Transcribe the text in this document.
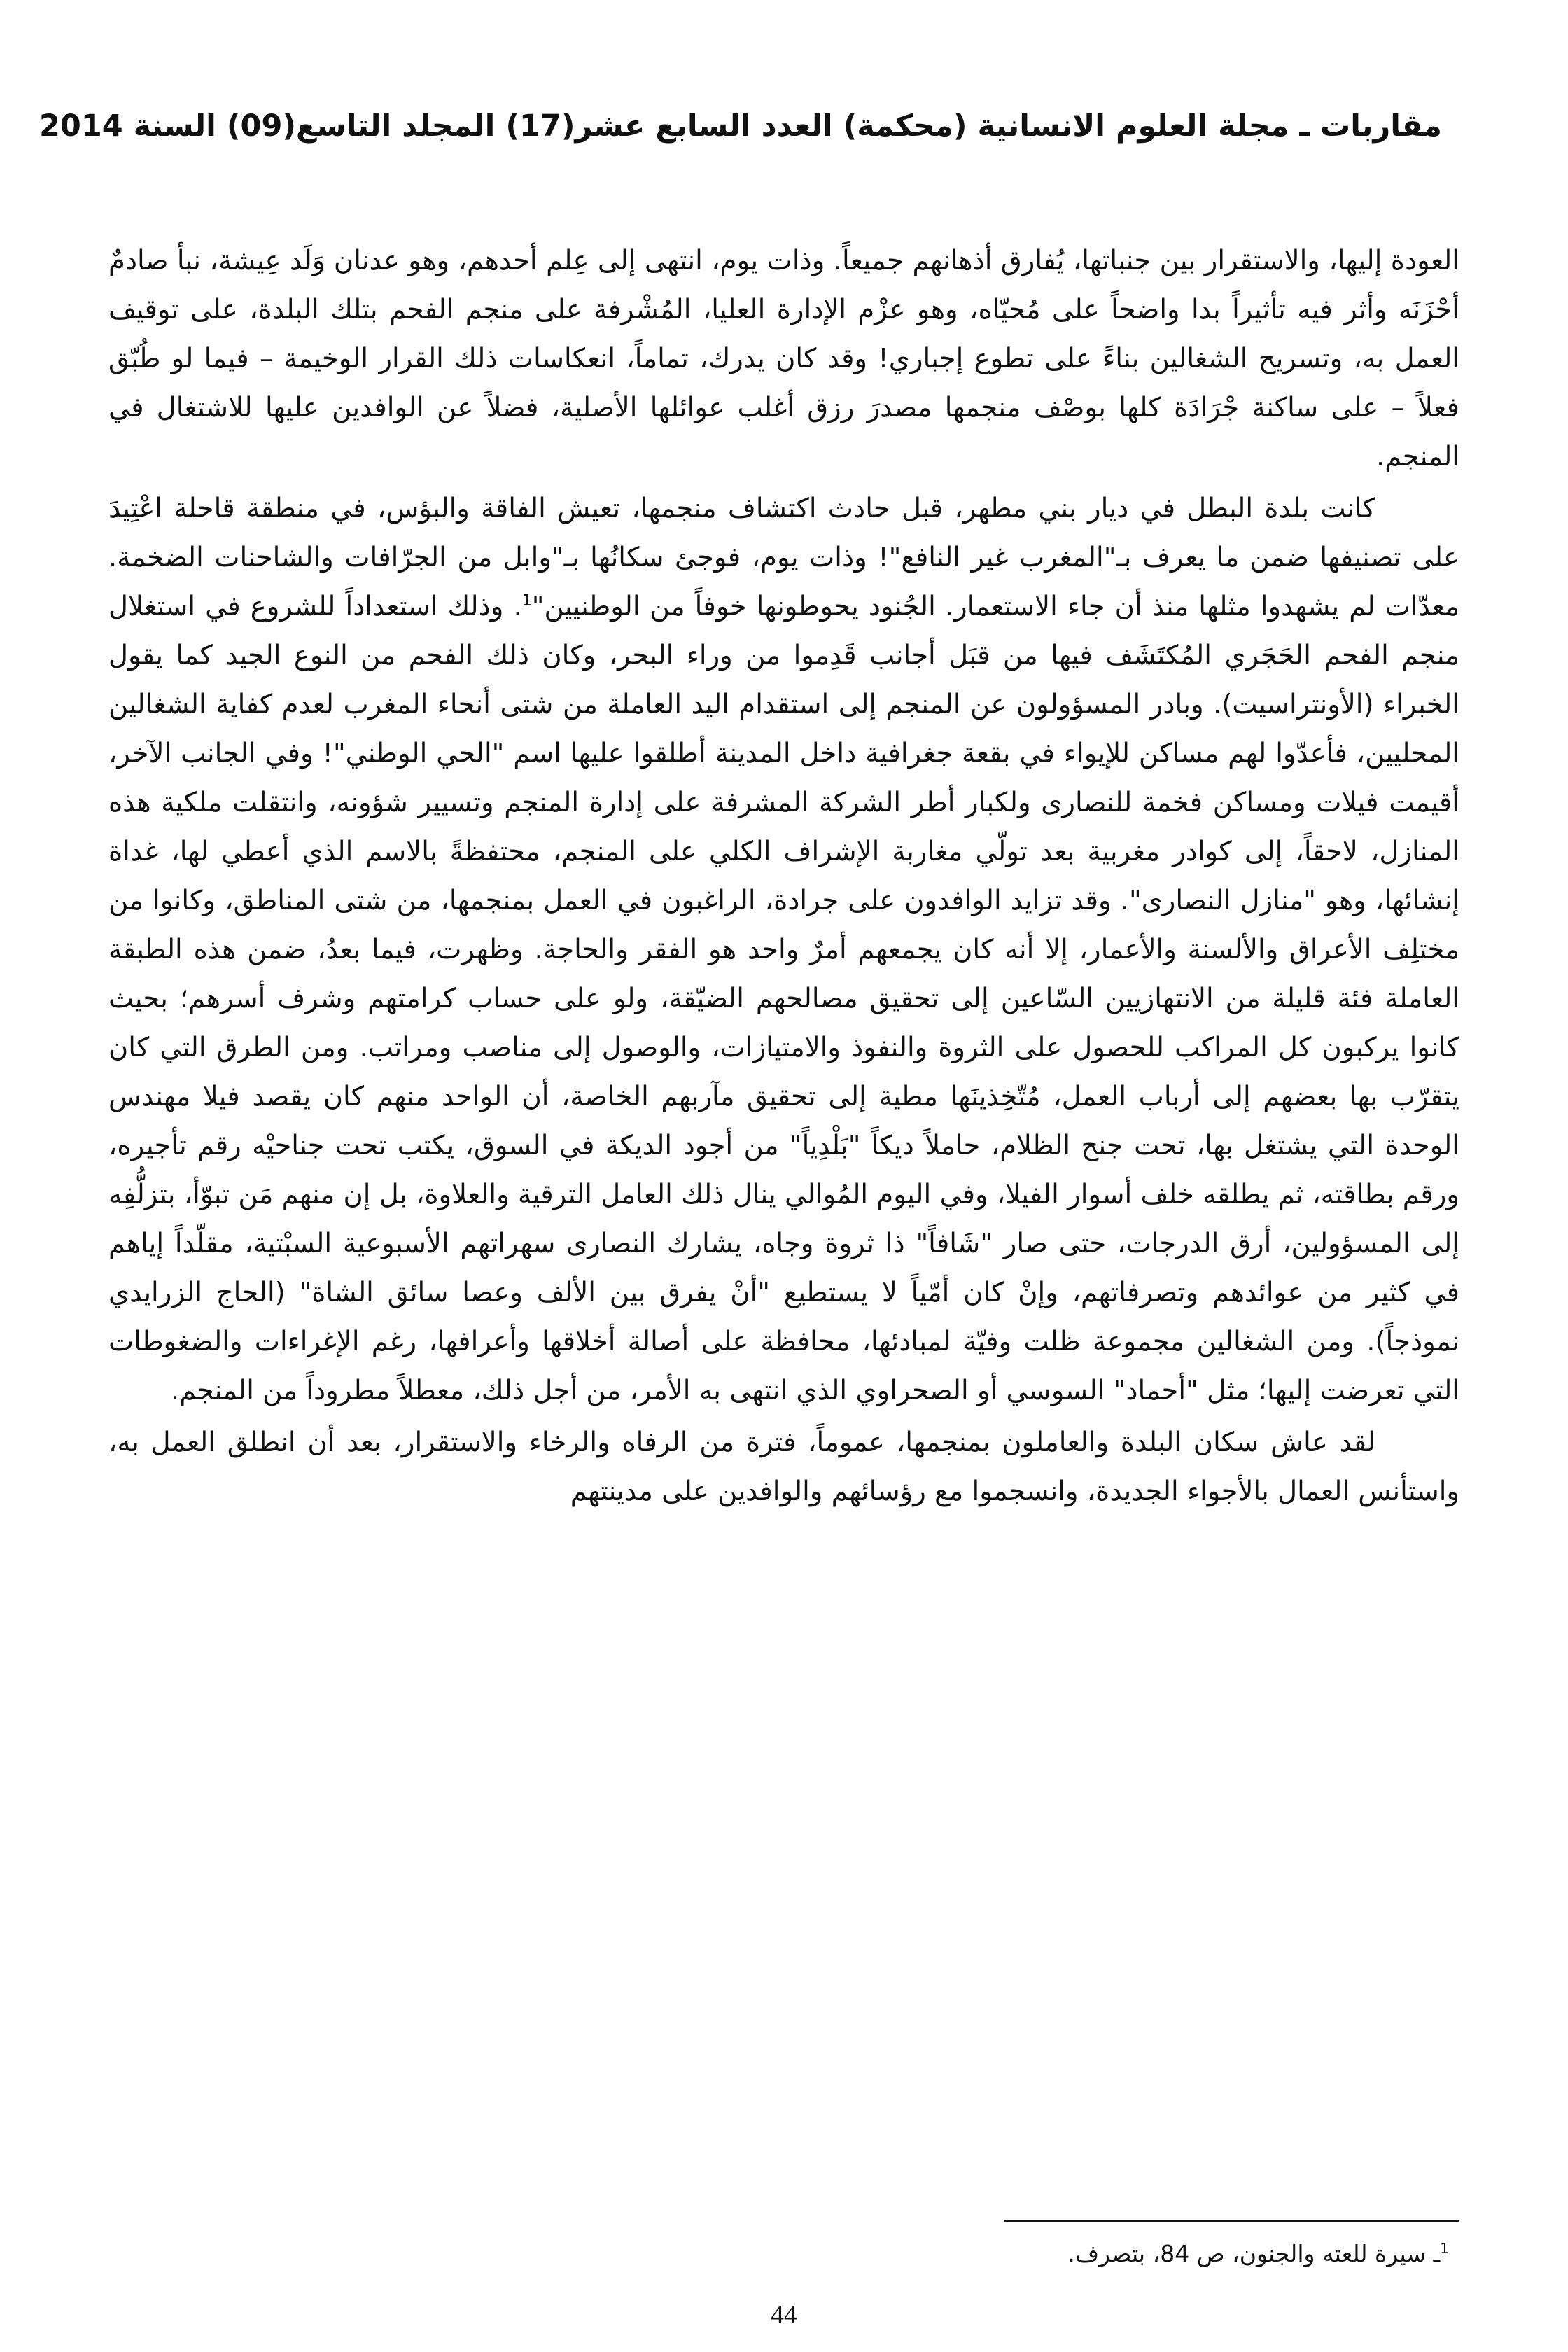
مقاربات ـ مجلة العلوم الانسانية (محكمة) العدد السابع عشر(17) المجلد التاسع(09) السنة 2014

العودة إليها، والاستقرار بين جنباتها، يُفارق أذهانهم جميعاً. وذات يوم، انتهى إلى عِلم أحدهم، وهو عدنان وَلَد عِيشة، نبأ صادمٌ أحْزَنَه وأثر فيه تأثيراً بدا واضحاً على مُحيّاه، وهو عزْم الإدارة العليا، المُشْرفة على منجم الفحم بتلك البلدة، على توقيف العمل به، وتسريح الشغالين بناءً على تطوع إجباري! وقد كان يدرك، تماماً، انعكاسات ذلك القرار الوخيمة – فيما لو طُبّق فعلاً – على ساكنة جْرَادَة كلها بوصْف منجمها مصدرَ رزق أغلب عوائلها الأصلية، فضلاً عن الوافدين عليها للاشتغال في المنجم.

كانت بلدة البطل في ديار بني مطهر، قبل حادث اكتشاف منجمها، تعيش الفاقة والبؤس، في منطقة قاحلة اعْتِيدَ على تصنيفها ضمن ما يعرف بـ"المغرب غير النافع"! وذات يوم، فوجئ سكانُها بـ"وابل من الجرّافات والشاحنات الضخمة. معدّات لم يشهدوا مثلها منذ أن جاء الاستعمار. الجُنود يحوطونها خوفاً من الوطنيين"$^1$. وذلك استعداداً للشروع في استغلال منجم الفحم الحَجَري المُكتَشَف فيها من قبَل أجانب قَدِموا من وراء البحر، وكان ذلك الفحم من النوع الجيد كما يقول الخبراء (الأونتراسيت). وبادر المسؤولون عن المنجم إلى استقدام اليد العاملة من شتى أنحاء المغرب لعدم كفاية الشغالين المحليين، فأعدّوا لهم مساكن للإيواء في بقعة جغرافية داخل المدينة أطلقوا عليها اسم "الحي الوطني"! وفي الجانب الآخر، أقيمت فيلات ومساكن فخمة للنصارى ولكبار أطر الشركة المشرفة على إدارة المنجم وتسيير شؤونه، وانتقلت ملكية هذه المنازل، لاحقاً، إلى كوادر مغربية بعد تولّي مغاربة الإشراف الكلي على المنجم، محتفظةً بالاسم الذي أعطي لها، غداة إنشائها، وهو "منازل النصارى". وقد تزايد الوافدون على جرادة، الراغبون في العمل بمنجمها، من شتى المناطق، وكانوا من مختلِف الأعراق والألسنة والأعمار، إلا أنه كان يجمعهم أمرٌ واحد هو الفقر والحاجة. وظهرت، فيما بعدُ، ضمن هذه الطبقة العاملة فئة قليلة من الانتهازيين السّاعين إلى تحقيق مصالحهم الضيّقة، ولو على حساب كرامتهم وشرف أسرهم؛ بحيث كانوا يركبون كل المراكب للحصول على الثروة والنفوذ والامتيازات، والوصول إلى مناصب ومراتب. ومن الطرق التي كان يتقرّب بها بعضهم إلى أرباب العمل، مُتّخِذينَها مطية إلى تحقيق مآربهم الخاصة، أن الواحد منهم كان يقصد فيلا مهندس الوحدة التي يشتغل بها، تحت جنح الظلام، حاملاً ديكاً "بَلْدِياً" من أجود الديكة في السوق، يكتب تحت جناحيْه رقم تأجيره، ورقم بطاقته، ثم يطلقه خلف أسوار الفيلا، وفي اليوم المُوالي ينال ذلك العامل الترقية والعلاوة، بل إن منهم مَن تبوّأ، بتزلُّفِه إلى المسؤولين، أرق الدرجات، حتى صار "شَافاً" ذا ثروة وجاه، يشارك النصارى سهراتهم الأسبوعية السبْتية، مقلّداً إياهم في كثير من عوائدهم وتصرفاتهم، وإنْ كان أمّياً لا يستطيع "أنْ يفرق بين الألف وعصا سائق الشاة" (الحاج الزرايدي نموذجاً). ومن الشغالين مجموعة ظلت وفيّة لمبادئها، محافظة على أصالة أخلاقها وأعرافها، رغم الإغراءات والضغوطات التي تعرضت إليها؛ مثل "أحماد" السوسي أو الصحراوي الذي انتهى به الأمر، من أجل ذلك، معطلاً مطروداً من المنجم.

لقد عاش سكان البلدة والعاملون بمنجمها، عموماً، فترة من الرفاه والرخاء والاستقرار، بعد أن انطلق العمل به، واستأنس العمال بالأجواء الجديدة، وانسجموا مع رؤسائهم والوافدين على مدينتهم

$^1$ـ سيرة للعته والجنون، ص 84، بتصرف.
44
